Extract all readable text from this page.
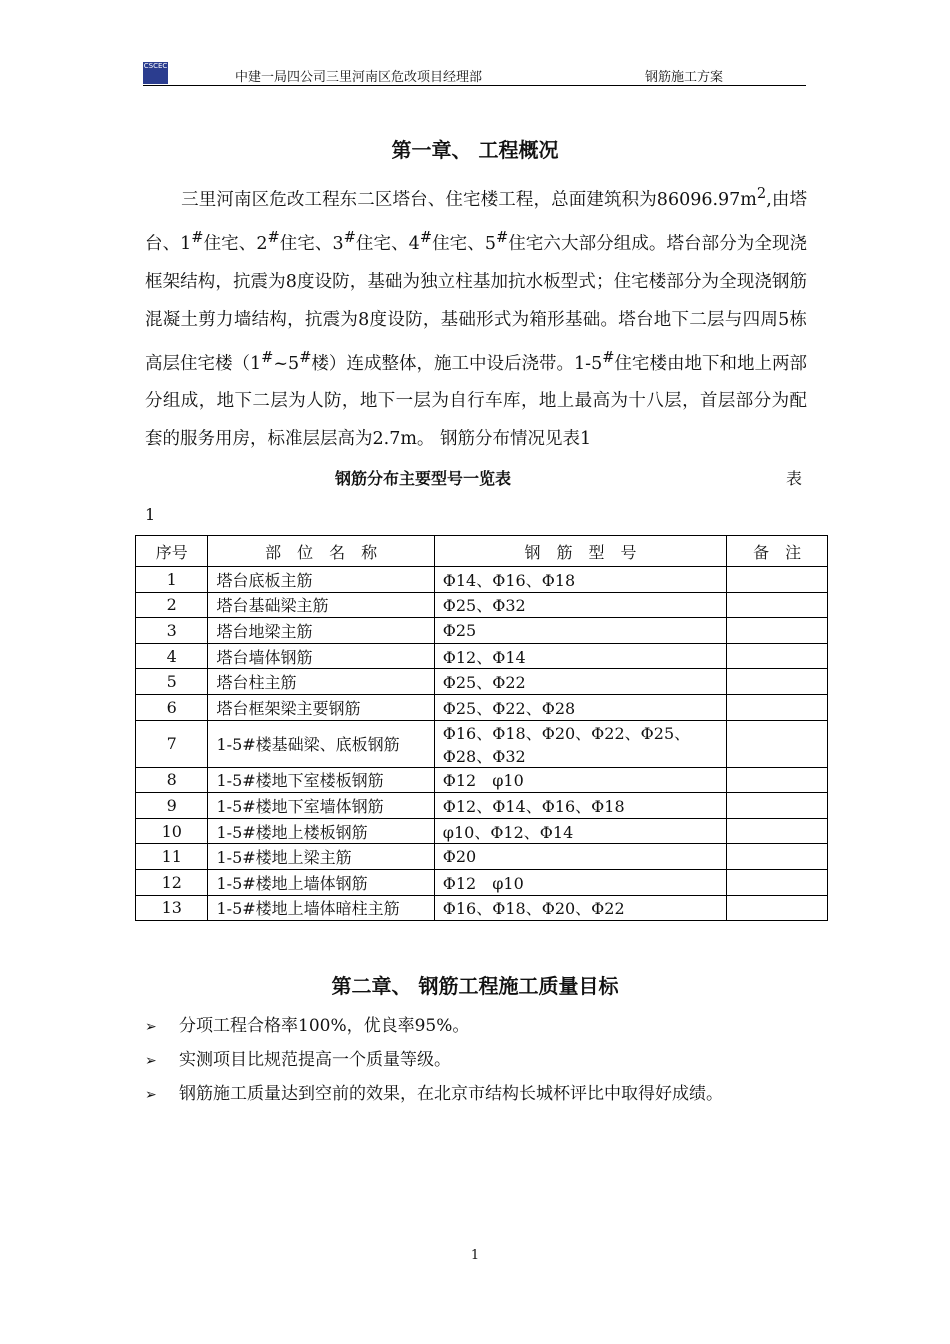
CSCEC
中建一局四公司三里河南区危改项目经理部	钢筋施工方案
第一章、 工程概况

三里河南区危改工程东二区塔台、住宅楼工程，总面建筑积为$86096.97m^2$,由塔台、1#住宅、2#住宅、3#住宅、4#住宅、5#住宅六大部分组成。塔台部分为全现浇框架结构，抗震为8度设防，基础为独立柱基加抗水板型式；住宅楼部分为全现浇钢筋混凝土剪力墙结构，抗震为8度设防，基础形式为箱形基础。塔台地下二层与四周5栋高层住宅楼（1#~5#楼）连成整体，施工中设后浇带。1-5#住宅楼由地下和地上两部分组成，地下二层为人防，地下一层为自行车库，地上最高为十八层，首层部分为配套的服务用房，标准层层高为2.7m。 钢筋分布情况见表1

钢筋分布主要型号一览表	表
1
序号	部　位　名　称	钢　筋　型　号	备　注
1	塔台底板主筋	Φ14、Φ16、Φ18	
2	塔台基础梁主筋	Φ25、Φ32	
3	塔台地梁主筋	Φ25	
4	塔台墙体钢筋	Φ12、Φ14	
5	塔台柱主筋	Φ25、Φ22	
6	塔台框架梁主要钢筋	Φ25、Φ22、Φ28	
7	1-5#楼基础梁、底板钢筋	Φ16、Φ18、Φ20、Φ22、Φ25、Φ28、Φ32	
8	1-5#楼地下室楼板钢筋	Φ12　φ10	
9	1-5#楼地下室墙体钢筋	Φ12、Φ14、Φ16、Φ18	
10	1-5#楼地上楼板钢筋	φ10、Φ12、Φ14	
11	1-5#楼地上梁主筋	Φ20	
12	1-5#楼地上墙体钢筋	Φ12　φ10	
13	1-5#楼地上墙体暗柱主筋	Φ16、Φ18、Φ20、Φ22	
第二章、 钢筋工程施工质量目标
➢ 分项工程合格率100%，优良率95%。
➢ 实测项目比规范提高一个质量等级。
➢ 钢筋施工质量达到空前的效果，在北京市结构长城杯评比中取得好成绩。
1
